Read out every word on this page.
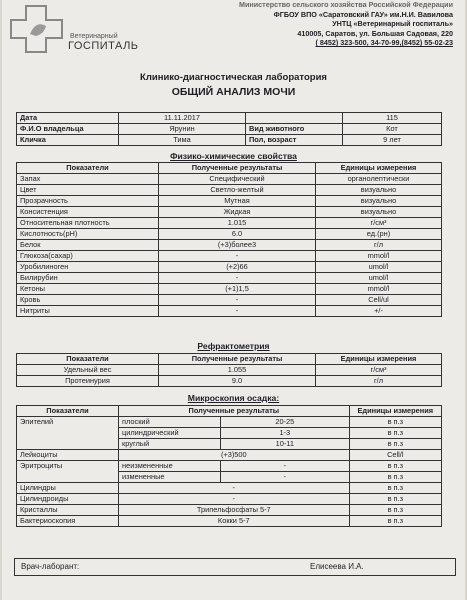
Ветеринарный
ГОСПИТАЛЬ
Министерство сельского хозяйства Российской Федерации
ФГБОУ ВПО «Саратовский ГАУ» им.Н.И. Вавилова
УНТЦ «Ветеринарный госпиталь»
410005, Саратов, ул. Большая Садовая, 220
( 8452) 323-500, 34-70-99,(8452) 55-02-23
Клинико-диагностическая лаборатория
ОБЩИЙ АНАЛИЗ МОЧИ
Дата	11.11.2017		115
Ф.И.О владельца	Ярунин	Вид животного	Кот
Кличка	Тима	Пол, возраст	9 лет
Физико-химические свойства
Показатели	Полученные результаты	Единицы измерения
Запах	Специфический	органолептически
Цвет	Светло-желтый	визуально
Прозрачность	Мутная	визуально
Консистенция	Жидкая	визуально
Относительная плотность	1.015	г/см³
Кислотность(рН)	6.0	ед.(рн)
Белок	(+3)более3	г/л
Глюкоза(сахар)	-	mmol/l
Уробилиноген	(+2)66	umol/l
Билирубин	-	umol/l
Кетоны	(+1)1,5	mmol/l
Кровь	-	Cell/ul
Нитриты	-	+/-
Рефрактометрия
Показатели	Полученные результаты	Единицы измерения
Удельный вес	1.055	г/см³
Протеинурия	9.0	г/л
Микроскопия осадка:
Показатели	Полученные результаты		Единицы измерения
Эпителий	плоский	20-25	в п.з
	цилиндрический	1-3	в п.з
	круглый	10-11	в п.з
Лейкоциты	(+3)500		Cell/l
Эритроциты	неизмененные	-	в п.з
	измененные	-	в п.з
Цилиндры	-		в п.з
Цилиндроиды	-		в п.з
Кристаллы	Трипельфосфаты 5-7		в п.з
Бактериоскопия	Кокки 5-7		в п.з
Врач-лаборант:	Елисеева И.А.
